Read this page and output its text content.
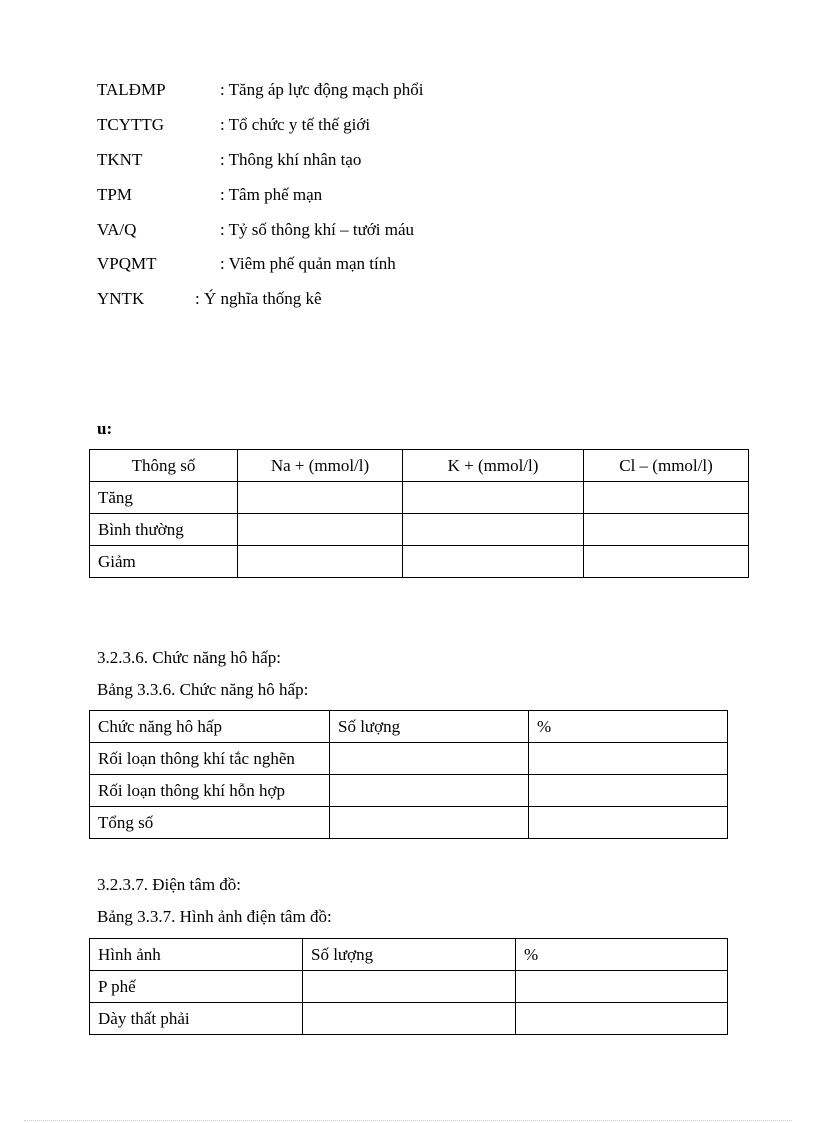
TALĐMP	: Tăng áp lực động mạch phổi
TCYTTG	: Tổ chức y tế thế giới
TKNT	: Thông khí nhân tạo
TPM	: Tâm phế mạn
VA/Q	: Tỷ số thông khí – tưới máu
VPQMT	: Viêm phế quản mạn tính
YNTK	: Ý nghĩa thống kê
u:
Thông số	Na + (mmol/l)	K + (mmol/l)	Cl – (mmol/l)
Tăng			
Bình thường			
Giảm			
3.2.3.6. Chức năng hô hấp:
Bảng 3.3.6. Chức năng hô hấp:
Chức năng hô hấp	Số lượng	%
Rối loạn thông khí tắc nghẽn		
Rối loạn thông khí hỗn hợp		
Tổng số		
3.2.3.7. Điện tâm đồ:
Bảng 3.3.7. Hình ảnh điện tâm đồ:
Hình ảnh	Số lượng	%
P phế		
Dày thất phải		
